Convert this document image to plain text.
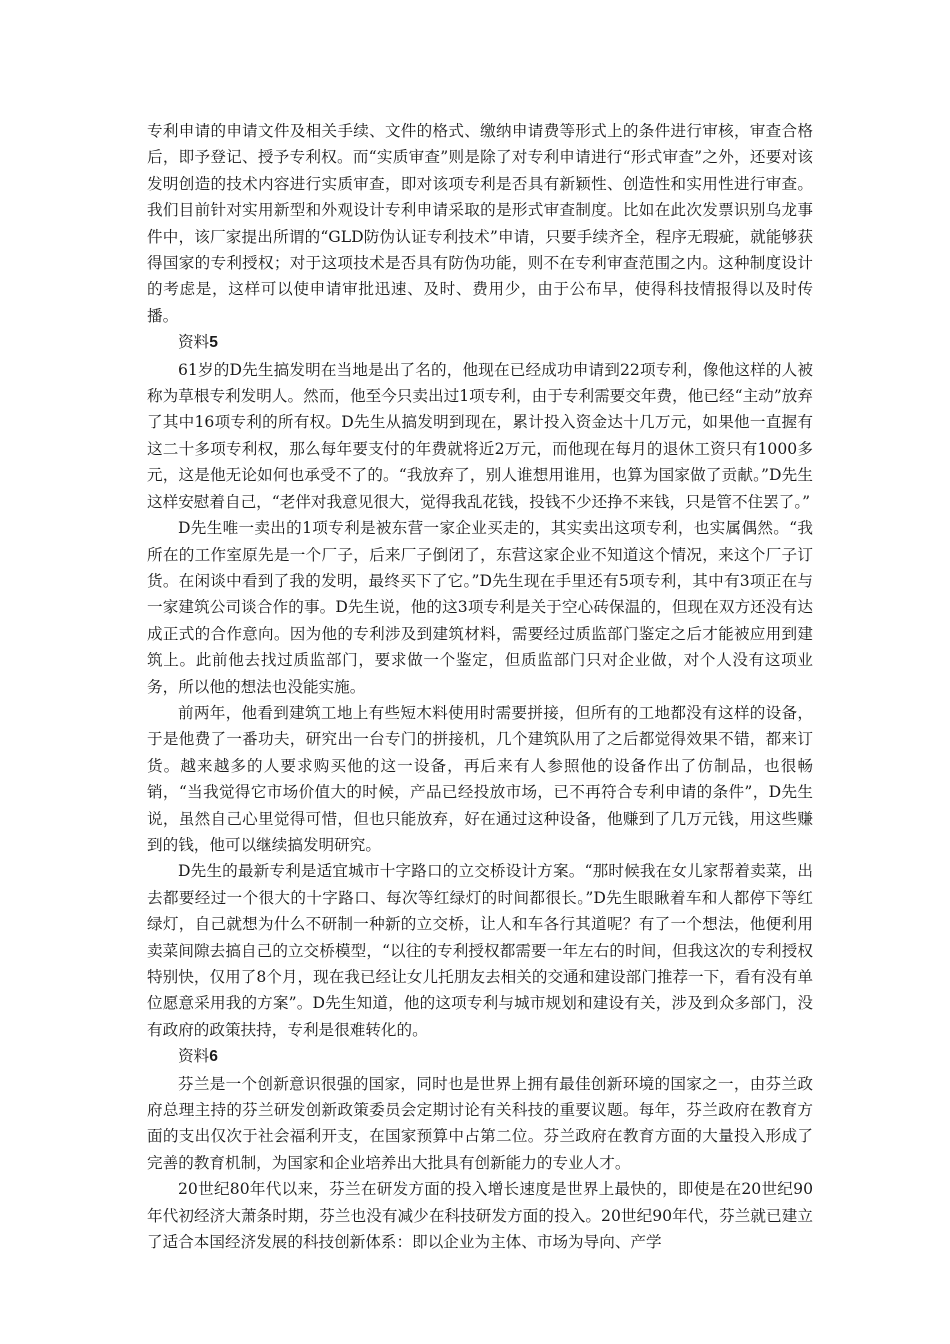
专利申请的申请文件及相关手续、文件的格式、缴纳申请费等形式上的条件进行审核，审查合格后，即予登记、授予专利权。而“实质审查”则是除了对专利申请进行“形式审查”之外，还要对该发明创造的技术内容进行实质审查，即对该项专利是否具有新颖性、创造性和实用性进行审查。我们目前针对实用新型和外观设计专利申请采取的是形式审查制度。比如在此次发票识别乌龙事件中，该厂家提出所谓的“GLD防伪认证专利技术”申请，只要手续齐全，程序无瑕疵，就能够获得国家的专利授权；对于这项技术是否具有防伪功能，则不在专利审查范围之内。这种制度设计的考虑是，这样可以使申请审批迅速、及时、费用少，由于公布早，使得科技情报得以及时传播。

资料5

61岁的D先生搞发明在当地是出了名的，他现在已经成功申请到22项专利，像他这样的人被称为草根专利发明人。然而，他至今只卖出过1项专利，由于专利需要交年费，他已经“主动”放弃了其中16项专利的所有权。D先生从搞发明到现在，累计投入资金达十几万元，如果他一直握有这二十多项专利权，那么每年要支付的年费就将近2万元，而他现在每月的退休工资只有1000多元，这是他无论如何也承受不了的。“我放弃了，别人谁想用谁用，也算为国家做了贡献。”D先生这样安慰着自己，“老伴对我意见很大，觉得我乱花钱，投钱不少还挣不来钱，只是管不住罢了。”

D先生唯一卖出的1项专利是被东营一家企业买走的，其实卖出这项专利，也实属偶然。“我所在的工作室原先是一个厂子，后来厂子倒闭了，东营这家企业不知道这个情况，来这个厂子订货。在闲谈中看到了我的发明，最终买下了它。”D先生现在手里还有5项专利，其中有3项正在与一家建筑公司谈合作的事。D先生说，他的这3项专利是关于空心砖保温的，但现在双方还没有达成正式的合作意向。因为他的专利涉及到建筑材料，需要经过质监部门鉴定之后才能被应用到建筑上。此前他去找过质监部门，要求做一个鉴定，但质监部门只对企业做，对个人没有这项业务，所以他的想法也没能实施。

前两年，他看到建筑工地上有些短木料使用时需要拼接，但所有的工地都没有这样的设备，于是他费了一番功夫，研究出一台专门的拼接机，几个建筑队用了之后都觉得效果不错，都来订货。越来越多的人要求购买他的这一设备，再后来有人参照他的设备作出了仿制品，也很畅销，“当我觉得它市场价值大的时候，产品已经投放市场，已不再符合专利申请的条件”，D先生说，虽然自己心里觉得可惜，但也只能放弃，好在通过这种设备，他赚到了几万元钱，用这些赚到的钱，他可以继续搞发明研究。

D先生的最新专利是适宜城市十字路口的立交桥设计方案。“那时候我在女儿家帮着卖菜，出去都要经过一个很大的十字路口、每次等红绿灯的时间都很长。”D先生眼瞅着车和人都停下等红绿灯，自己就想为什么不研制一种新的立交桥，让人和车各行其道呢？有了一个想法，他便利用卖菜间隙去搞自己的立交桥模型，“以往的专利授权都需要一年左右的时间，但我这次的专利授权特别快，仅用了8个月，现在我已经让女儿托朋友去相关的交通和建设部门推荐一下，看有没有单位愿意采用我的方案”。D先生知道，他的这项专利与城市规划和建设有关，涉及到众多部门，没有政府的政策扶持，专利是很难转化的。

资料6

芬兰是一个创新意识很强的国家，同时也是世界上拥有最佳创新环境的国家之一，由芬兰政府总理主持的芬兰研发创新政策委员会定期讨论有关科技的重要议题。每年，芬兰政府在教育方面的支出仅次于社会福利开支，在国家预算中占第二位。芬兰政府在教育方面的大量投入形成了完善的教育机制，为国家和企业培养出大批具有创新能力的专业人才。

20世纪80年代以来，芬兰在研发方面的投入增长速度是世界上最快的，即使是在20世纪90年代初经济大萧条时期，芬兰也没有减少在科技研发方面的投入。20世纪90年代，芬兰就已建立了适合本国经济发展的科技创新体系：即以企业为主体、市场为导向、产学
